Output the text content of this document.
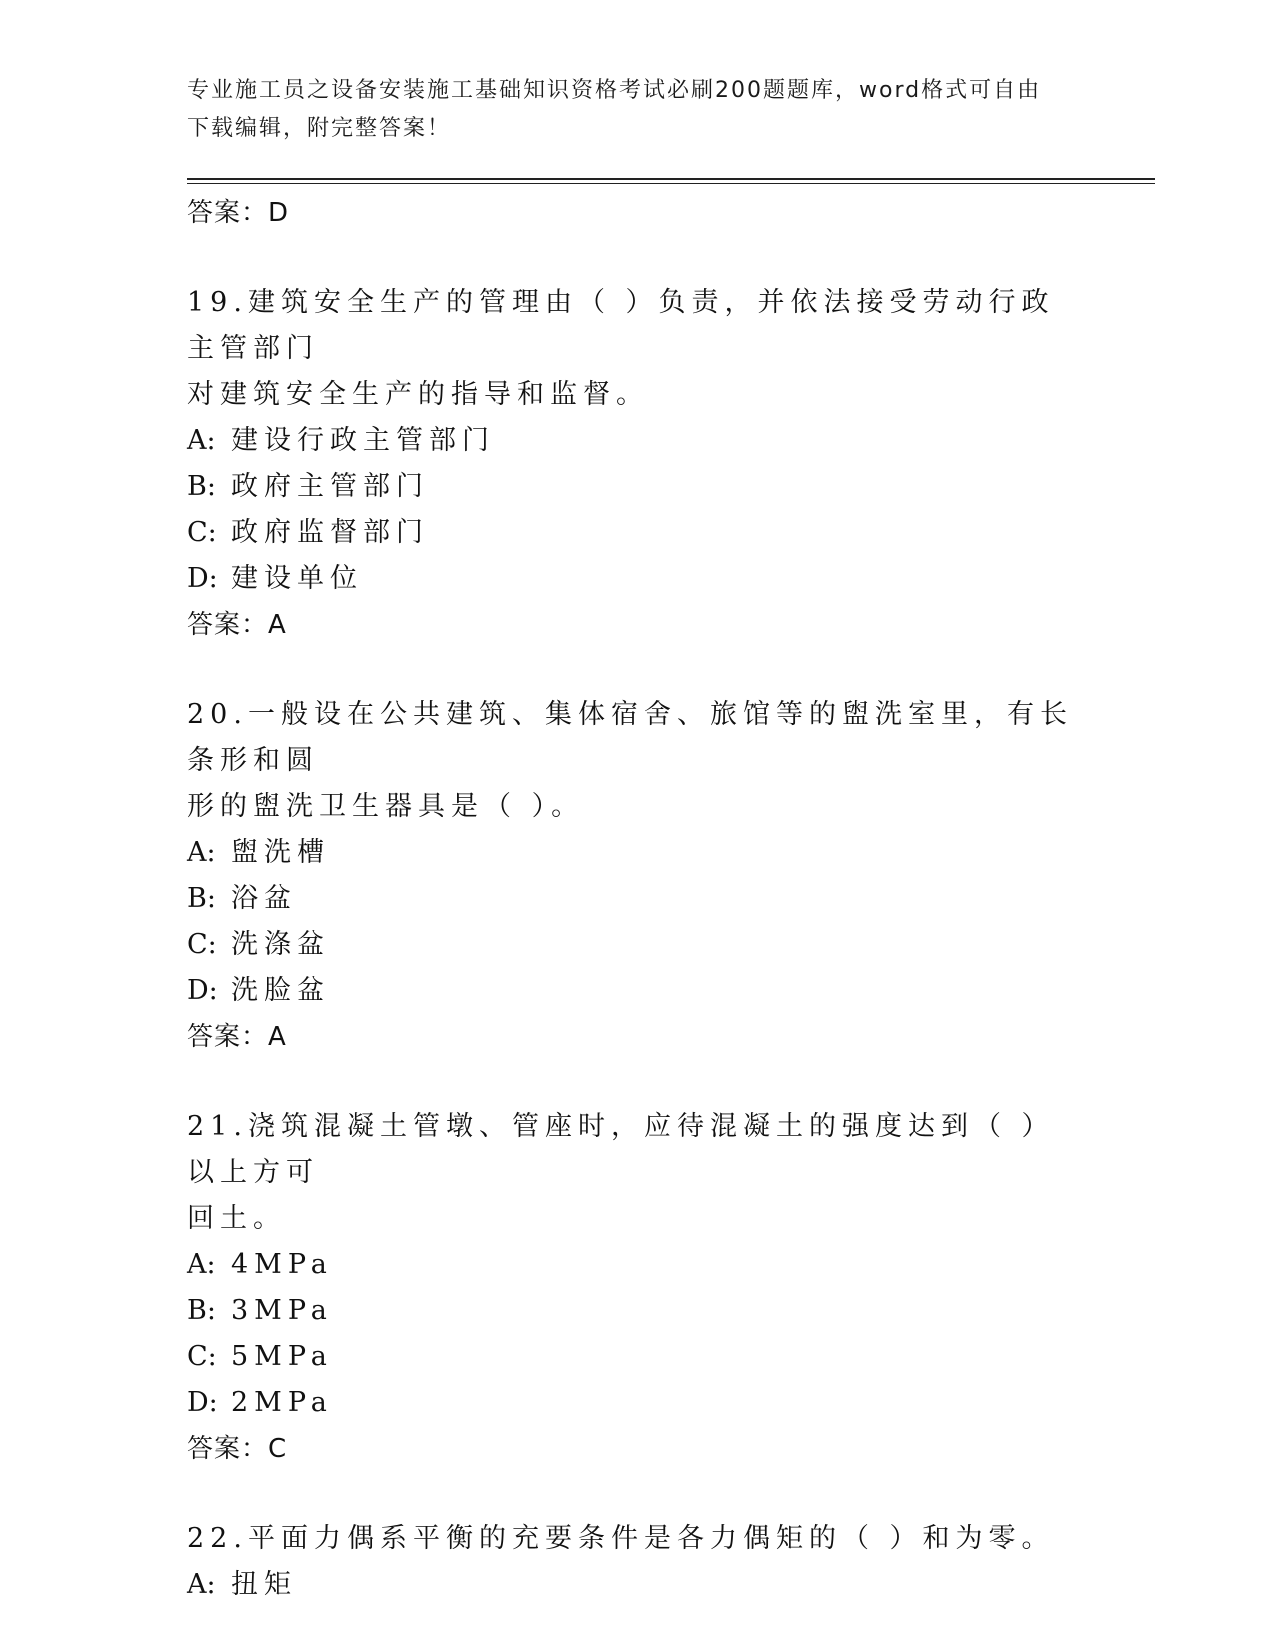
专业施工员之设备安装施工基础知识资格考试必刷200题题库，word格式可自由
下载编辑，附完整答案！
答案：D
19.建筑安全生产的管理由（ ）负责，并依法接受劳动行政主管部门
对建筑安全生产的指导和监督。
A: 建设行政主管部门
B: 政府主管部门
C: 政府监督部门
D: 建设单位
答案：A
20.一般设在公共建筑、集体宿舍、旅馆等的盥洗室里，有长条形和圆
形的盥洗卫生器具是（ ）。
A: 盥洗槽
B: 浴盆
C: 洗涤盆
D: 洗脸盆
答案：A
21.浇筑混凝土管墩、管座时，应待混凝土的强度达到（ ）以上方可
回土。
A: 4MPa
B: 3MPa
C: 5MPa
D: 2MPa
答案：C
22.平面力偶系平衡的充要条件是各力偶矩的（ ）和为零。
A: 扭矩
